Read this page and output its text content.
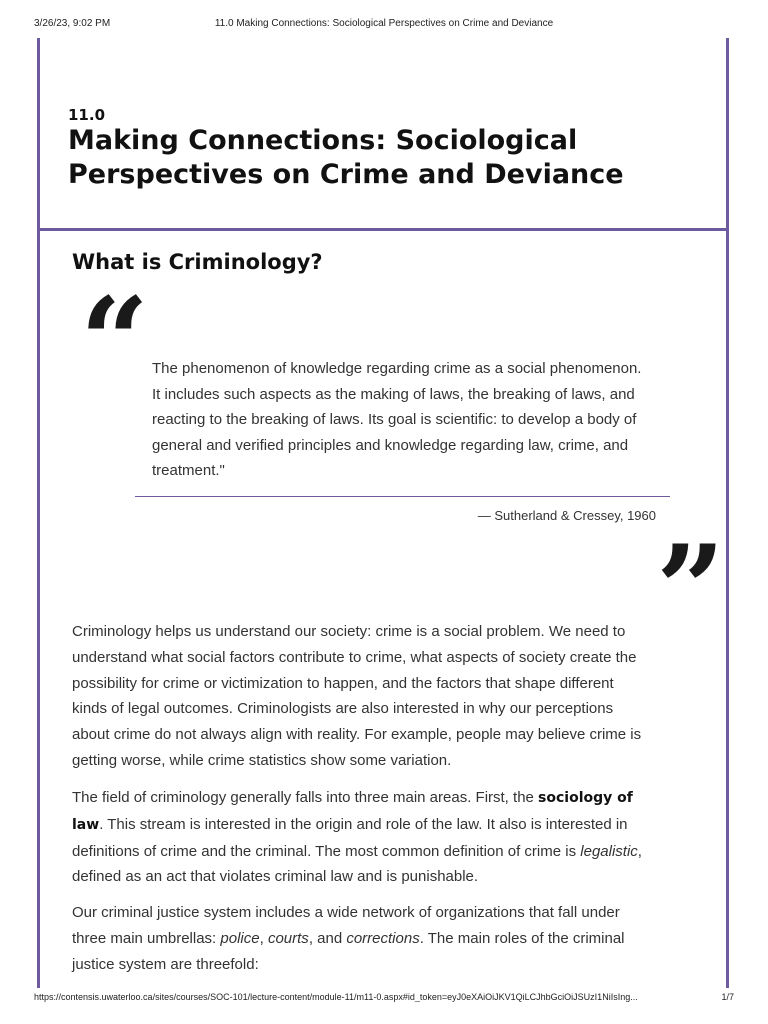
3/26/23, 9:02 PM	11.0 Making Connections: Sociological Perspectives on Crime and Deviance
11.0
Making Connections: Sociological Perspectives on Crime and Deviance
What is Criminology?
“ The phenomenon of knowledge regarding crime as a social phenomenon. It includes such aspects as the making of laws, the breaking of laws, and reacting to the breaking of laws. Its goal is scientific: to develop a body of general and verified principles and knowledge regarding law, crime, and treatment."

— Sutherland & Cressey, 1960
”

Criminology helps us understand our society: crime is a social problem. We need to understand what social factors contribute to crime, what aspects of society create the possibility for crime or victimization to happen, and the factors that shape different kinds of legal outcomes. Criminologists are also interested in why our perceptions about crime do not always align with reality. For example, people may believe crime is getting worse, while crime statistics show some variation.

The field of criminology generally falls into three main areas. First, the sociology of law. This stream is interested in the origin and role of the law. It also is interested in definitions of crime and the criminal. The most common definition of crime is legalistic, defined as an act that violates criminal law and is punishable.

Our criminal justice system includes a wide network of organizations that fall under three main umbrellas: police, courts, and corrections. The main roles of the criminal justice system are threefold:

https://contensis.uwaterloo.ca/sites/courses/SOC-101/lecture-content/module-11/m11-0.aspx#id_token=eyJ0eXAiOiJKV1QiLCJhbGciOiJSUzI1NiIsIng...	1/7
